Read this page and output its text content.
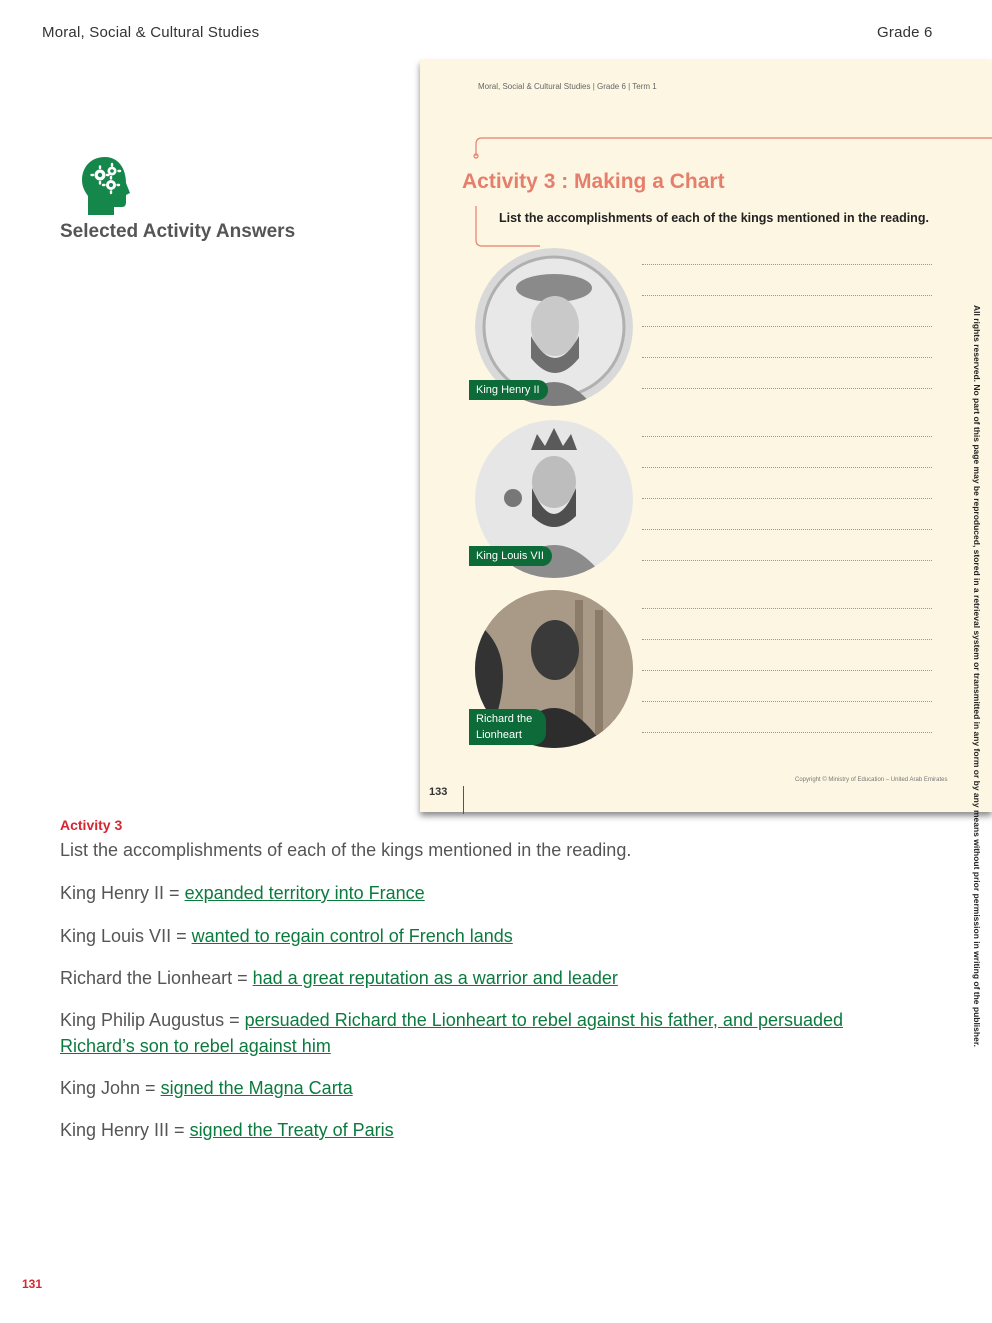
Moral, Social & Cultural Studies	Grade 6
Selected Activity Answers
Moral, Social & Cultural Studies | Grade 6 | Term 1
Activity 3 : Making a Chart
List the accomplishments of each of the kings mentioned in the reading.
King Henry II
King Louis VII
Richard the Lionheart
Copyright © Ministry of Education – United Arab Emirates
133	All rights reserved. No part of this page may be reproduced, stored in a retrieval system or transmitted in any form or by any means without prior permission in writing of the publisher.
Activity 3
List the accomplishments of each of the kings mentioned in the reading.
King Henry II = expanded territory into France
King Louis VII = wanted to regain control of French lands
Richard the Lionheart = had a great reputation as a warrior and leader
King Philip Augustus = persuaded Richard the Lionheart to rebel against his father, and persuaded Richard’s son to rebel against him
King John = signed the Magna Carta
King Henry III = signed the Treaty of Paris
131
